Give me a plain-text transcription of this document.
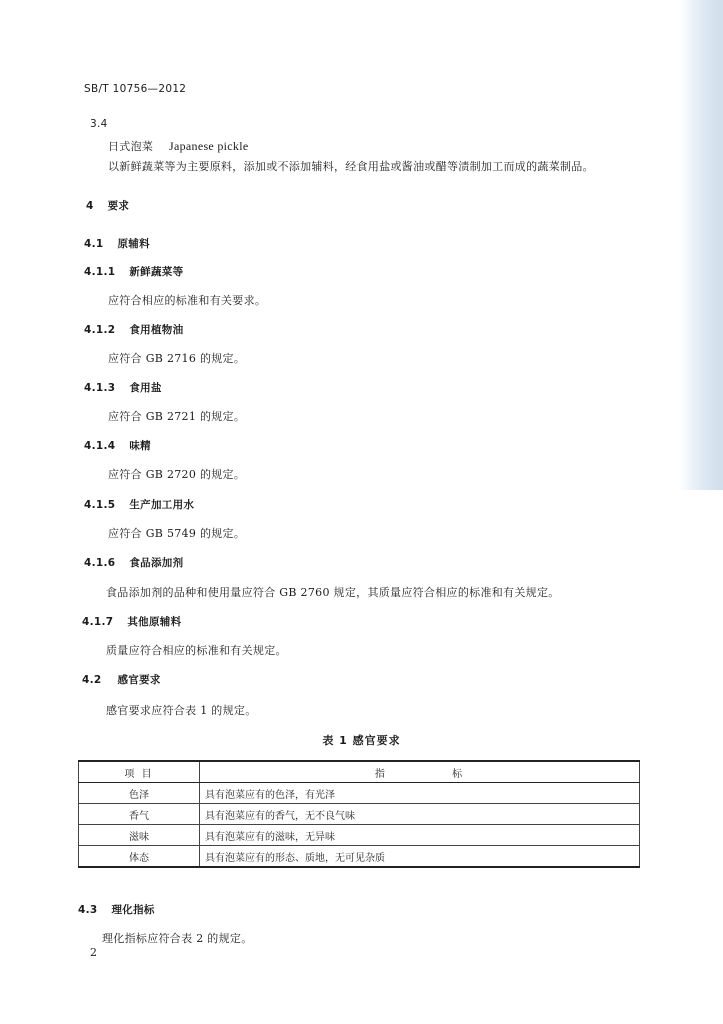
SB/T 10756—2012
3.4
日式泡菜 Japanese pickle
以新鲜蔬菜等为主要原料，添加或不添加辅料，经食用盐或酱油或醋等渍制加工而成的蔬菜制品。
4 要求
4.1 原辅料
4.1.1 新鲜蔬菜等
应符合相应的标准和有关要求。
4.1.2 食用植物油
应符合 GB 2716 的规定。
4.1.3 食用盐
应符合 GB 2721 的规定。
4.1.4 味精
应符合 GB 2720 的规定。
4.1.5 生产加工用水
应符合 GB 5749 的规定。
4.1.6 食品添加剂
食品添加剂的品种和使用量应符合 GB 2760 规定，其质量应符合相应的标准和有关规定。
4.1.7 其他原辅料
质量应符合相应的标准和有关规定。
4.2 感官要求
感官要求应符合表 1 的规定。
表 1 感官要求
项 目	指 标
色泽	具有泡菜应有的色泽，有光泽
香气	具有泡菜应有的香气，无不良气味
滋味	具有泡菜应有的滋味，无异味
体态	具有泡菜应有的形态、质地，无可见杂质
4.3 理化指标
理化指标应符合表 2 的规定。
2
